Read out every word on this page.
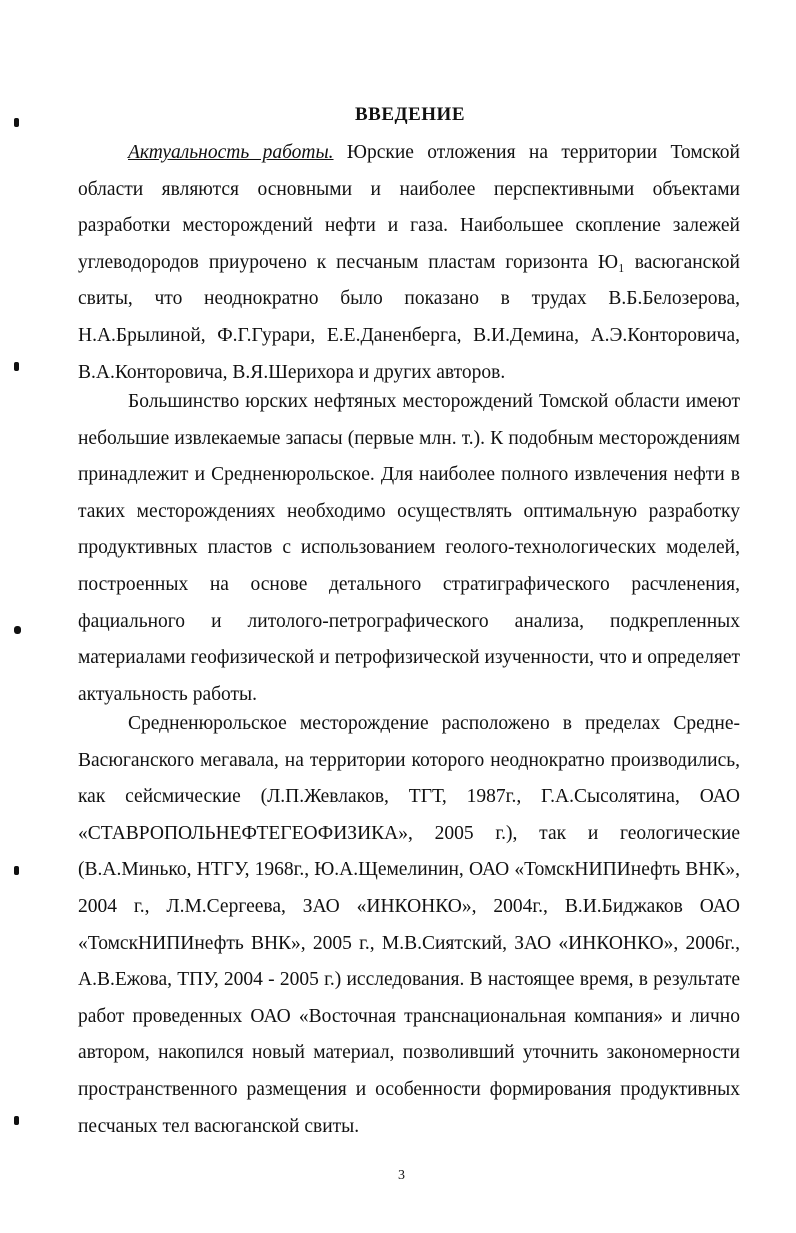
ВВЕДЕНИЕ

Актуальность работы. Юрские отложения на территории Томской области являются основными и наиболее перспективными объектами разработки месторождений нефти и газа. Наибольшее скопление залежей углеводородов приурочено к песчаным пластам горизонта Ю₁ васюганской свиты, что неоднократно было показано в трудах В.Б.Белозерова, Н.А.Брылиной, Ф.Г.Гурари, Е.Е.Даненберга, В.И.Демина, А.Э.Конторовича, В.А.Конторовича, В.Я.Шерихора и других авторов.

Большинство юрских нефтяных месторождений Томской области имеют небольшие извлекаемые запасы (первые млн. т.). К подобным месторождениям принадлежит и Средненюрольское. Для наиболее полного извлечения нефти в таких месторождениях необходимо осуществлять оптимальную разработку продуктивных пластов с использованием геолого-технологических моделей, построенных на основе детального стратиграфического расчленения, фациального и литолого-петрографического анализа, подкрепленных материалами геофизической и петрофизической изученности, что и определяет актуальность работы.

Средненюрольское месторождение расположено в пределах Средне-Васюганского мегавала, на территории которого неоднократно производились, как сейсмические (Л.П.Жевлаков, ТГТ, 1987г., Г.А.Сысолятина, ОАО «СТАВРОПОЛЬНЕФТЕГЕОФИЗИКА», 2005 г.), так и геологические (В.А.Минько, НТГУ, 1968г., Ю.А.Щемелинин, ОАО «ТомскНИПИнефть ВНК», 2004 г., Л.М.Сергеева, ЗАО «ИНКОНКО», 2004г., В.И.Биджаков ОАО «ТомскНИПИнефть ВНК», 2005 г., М.В.Сиятский, ЗАО «ИНКОНКО», 2006г., А.В.Ежова, ТПУ, 2004 - 2005 г.) исследования. В настоящее время, в результате работ проведенных ОАО «Восточная транснациональная компания» и лично автором, накопился новый материал, позволивший уточнить закономерности пространственного размещения и особенности формирования продуктивных песчаных тел васюганской свиты.

3
